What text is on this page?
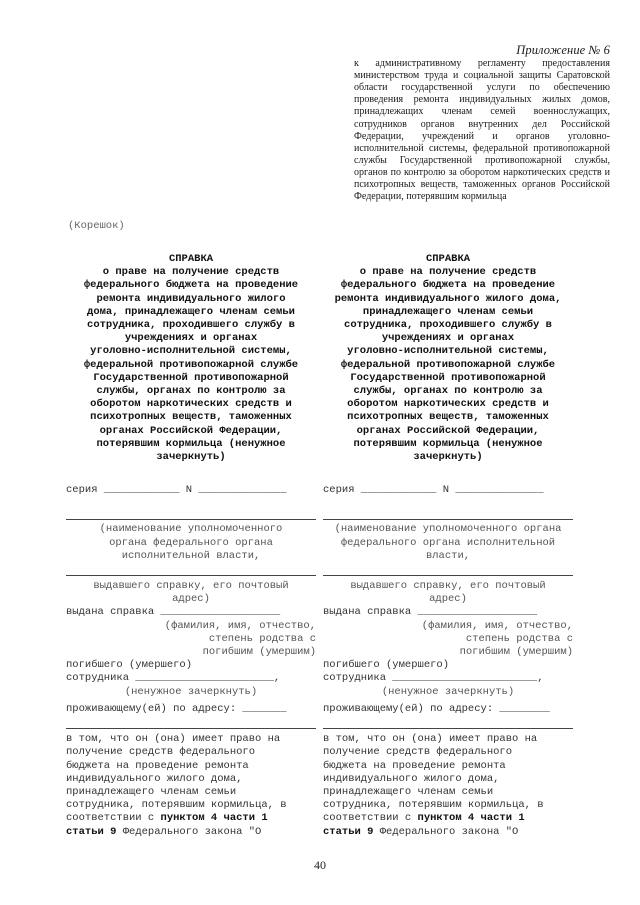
Приложение № 6
к административному регламенту предоставления министерством труда и социальной защиты Саратовской области государственной услуги по обеспечению проведения ремонта индивидуальных жилых домов, принадлежащих членам семей военнослужащих, сотрудников органов внутренних дел Российской Федерации, учреждений и органов уголовно-исполнительной системы, федеральной противопожарной службы Государственной противопожарной службы, органов по контролю за оборотом наркотических средств и психотропных веществ, таможенных органов Российской Федерации, потерявшим кормильца
(Корешок)
СПРАВКА
о праве на получение средств
федерального бюджета на проведение
ремонта индивидуального жилого
дома, принадлежащего членам семьи
сотрудника, проходившего службу в
учреждениях и органах
уголовно-исполнительной системы,
федеральной противопожарной службе
Государственной противопожарной
службы, органах по контролю за
оборотом наркотических средств и
психотропных веществ, таможенных
органах Российской Федерации,
потерявшим кормильца (ненужное
зачеркнуть)
серия ____________ N ______________
(наименование уполномоченного
органа федерального органа
исполнительной власти,
выдавшего справку, его почтовый
адрес)
выдана справка ___________________
(фамилия, имя, отчество,
степень родства с
погибшим (умершим)
погибшего (умершего)
сотрудника ______________________,
(ненужное зачеркнуть)
проживающему(ей) по адресу: _______
в том, что он (она) имеет право на
получение средств федерального
бюджета на проведение ремонта
индивидуального жилого дома,
принадлежащего членам семьи
сотрудника, потерявшим кормильца, в
соответствии с пунктом 4 части 1
статьи 9 Федерального закона "О
СПРАВКА
о праве на получение средств
федерального бюджета на проведение
ремонта индивидуального жилого дома,
принадлежащего членам семьи
сотрудника, проходившего службу в
учреждениях и органах
уголовно-исполнительной системы,
федеральной противопожарной службе
Государственной противопожарной
службы, органах по контролю за
оборотом наркотических средств и
психотропных веществ, таможенных
органах Российской Федерации,
потерявшим кормильца (ненужное
зачеркнуть)
серия ____________ N ______________
(наименование уполномоченного органа
федерального органа исполнительной
власти,
выдавшего справку, его почтовый
адрес)
выдана справка ___________________
(фамилия, имя, отчество,
степень родства с
погибшим (умершим)
погибшего (умершего)
сотрудника _______________________,
(ненужное зачеркнуть)
проживающему(ей) по адресу: ________
в том, что он (она) имеет право на
получение средств федерального
бюджета на проведение ремонта
индивидуального жилого дома,
принадлежащего членам семьи
сотрудника, потерявшим кормильца, в
соответствии с пунктом 4 части 1
статьи 9 Федерального закона "О
40
